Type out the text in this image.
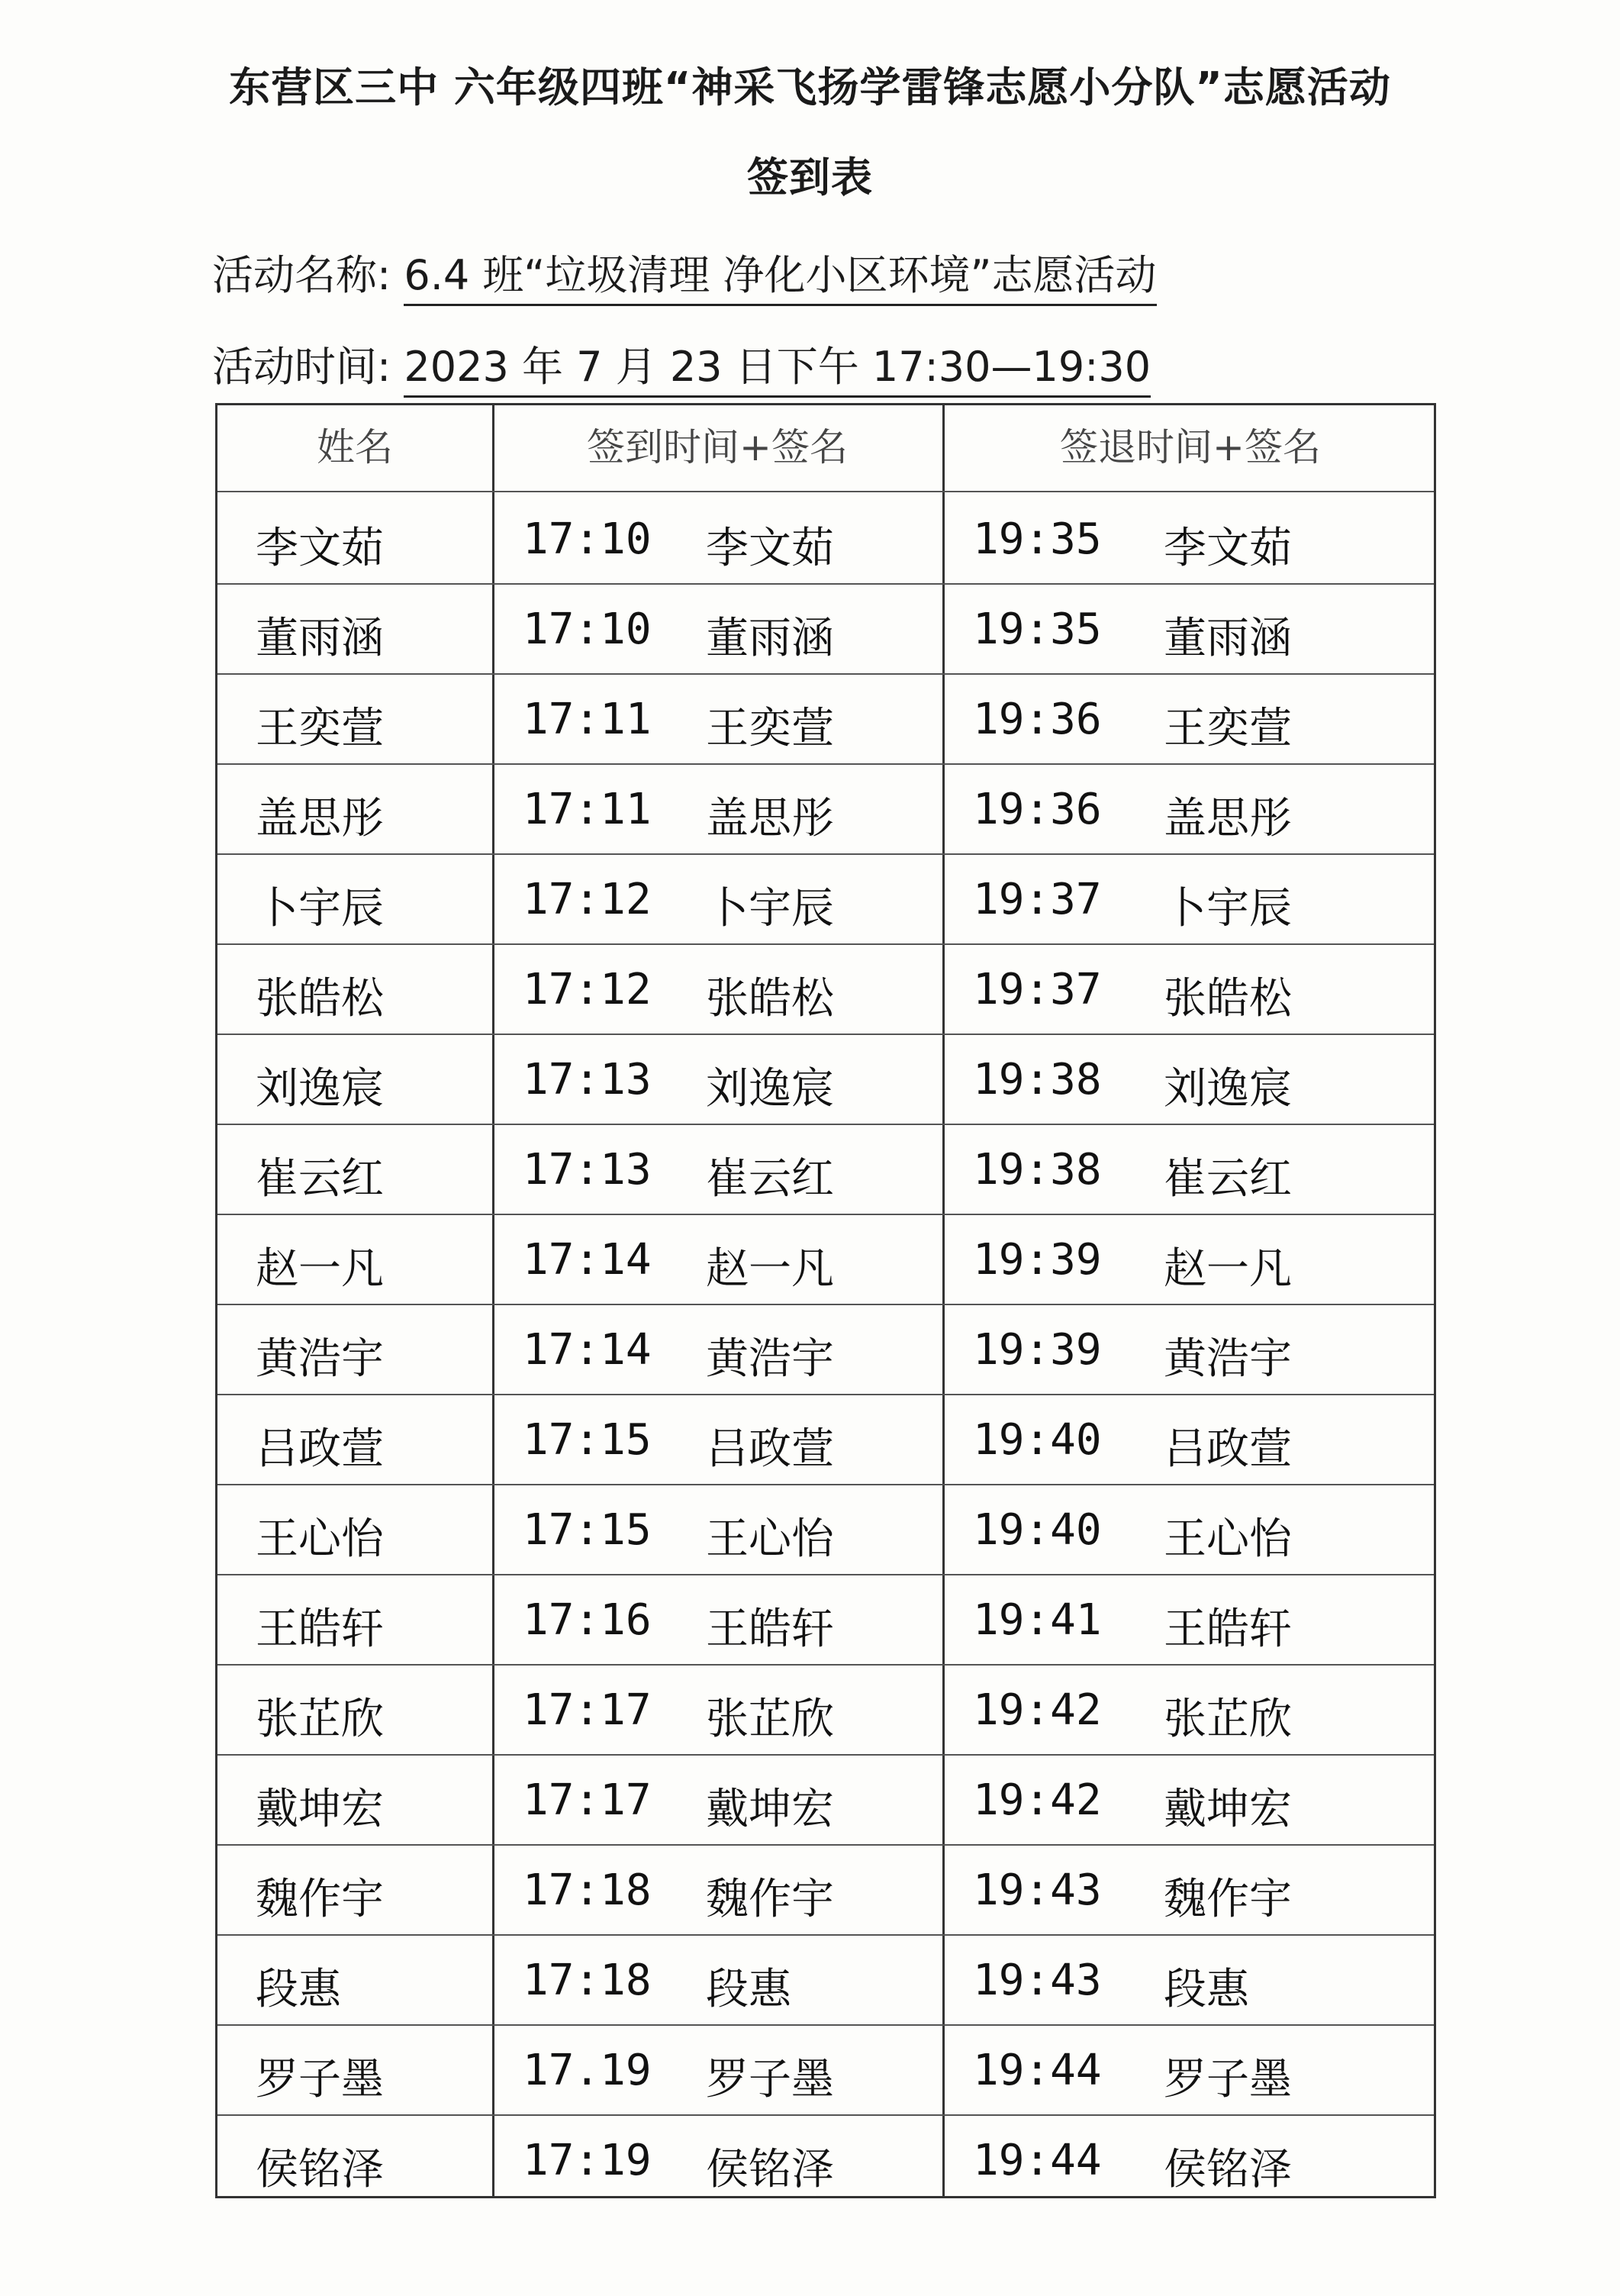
东营区三中 六年级四班“神采飞扬学雷锋志愿小分队”志愿活动
签到表
活动名称: 6.4 班“垃圾清理 净化小区环境”志愿活动
活动时间: 2023 年 7 月 23 日下午 17:30—19:30
姓名	签到时间+签名	签退时间+签名
李文茹	17:10 李文茹	19:35 李文茹
董雨涵	17:10 董雨涵	19:35 董雨涵
王奕萱	17:11 王奕萱	19:36 王奕萱
盖思彤	17:11 盖思彤	19:36 盖思彤
卜宇辰	17:12 卜宇辰	19:37 卜宇辰
张皓松	17:12 张皓松	19:37 张皓松
刘逸宸	17:13 刘逸宸	19:38 刘逸宸
崔云红	17:13 崔云红	19:38 崔云红
赵一凡	17:14 赵一凡	19:39 赵一凡
黄浩宇	17:14 黄浩宇	19:39 黄浩宇
吕政萱	17:15 吕政萱	19:40 吕政萱
王心怡	17:15 王心怡	19:40 王心怡
王皓轩	17:16 王皓轩	19:41 王皓轩
张芷欣	17:17 张芷欣	19:42 张芷欣
戴坤宏	17:17 戴坤宏	19:42 戴坤宏
魏作宇	17:18 魏作宇	19:43 魏作宇
段惠	17:18 段惠	19:43 段惠
罗子墨	17.19 罗子墨	19:44 罗子墨
侯铭泽	17:19 侯铭泽	19:44 侯铭泽
